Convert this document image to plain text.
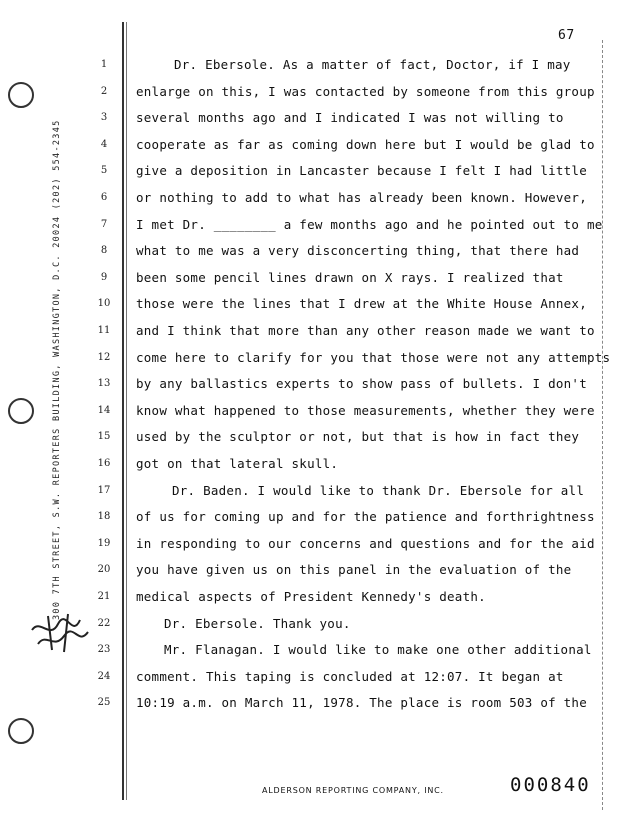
67
300 7TH STREET, S.W. REPORTERS BUILDING, WASHINGTON, D.C. 20024 (202) 554-2345
1
2
3
4
5
6
7
8
9
10
11
12
13
14
15
16
17
18
19
20
21
22
23
24
25
Dr. Ebersole. As a matter of fact, Doctor, if I may
enlarge on this, I was contacted by someone from this group
several months ago and I indicated I was not willing to
cooperate as far as coming down here but I would be glad to
give a deposition in Lancaster because I felt I had little
or nothing to add to what has already been known. However,
I met Dr. ________ a few months ago and he pointed out to me
what to me was a very disconcerting thing, that there had
been some pencil lines drawn on X rays. I realized that
those were the lines that I drew at the White House Annex,
and I think that more than any other reason made we want to
come here to clarify for you that those were not any attempts
by any ballastics experts to show pass of bullets. I don't
know what happened to those measurements, whether they were
used by the sculptor or not, but that is how in fact they
got on that lateral skull.
Dr. Baden. I would like to thank Dr. Ebersole for all
of us for coming up and for the patience and forthrightness
in responding to our concerns and questions and for the aid
you have given us on this panel in the evaluation of the
medical aspects of President Kennedy's death.
Dr. Ebersole. Thank you.
Mr. Flanagan. I would like to make one other additional
comment. This taping is concluded at 12:07. It began at
10:19 a.m. on March 11, 1978. The place is room 503 of the
ALDERSON REPORTING COMPANY, INC.	000840
